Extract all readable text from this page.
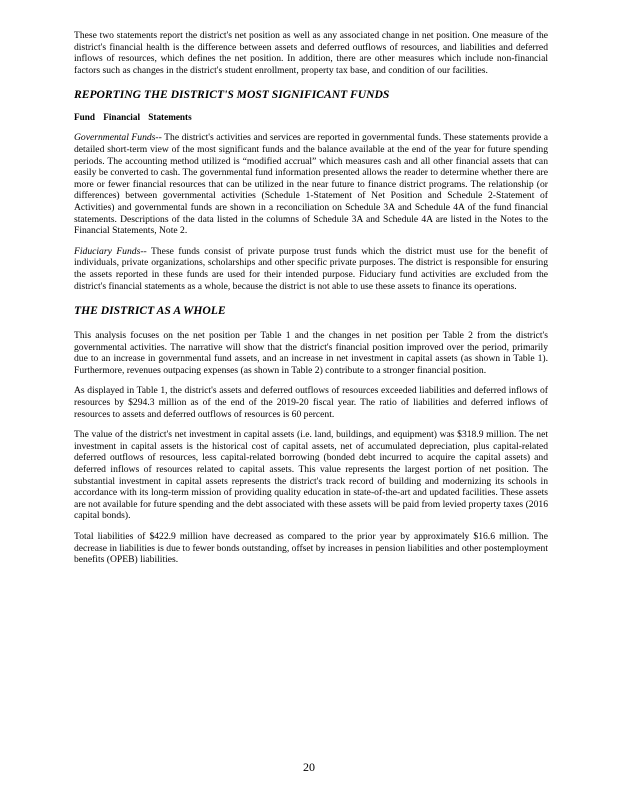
These two statements report the district's net position as well as any associated change in net position. One measure of the district's financial health is the difference between assets and deferred outflows of resources, and liabilities and deferred inflows of resources, which defines the net position. In addition, there are other measures which include non-financial factors such as changes in the district's student enrollment, property tax base, and condition of our facilities.

REPORTING THE DISTRICT'S MOST SIGNIFICANT FUNDS
Fund Financial Statements

Governmental Funds-- The district's activities and services are reported in governmental funds. These statements provide a detailed short-term view of the most significant funds and the balance available at the end of the year for future spending periods. The accounting method utilized is “modified accrual” which measures cash and all other financial assets that can easily be converted to cash. The governmental fund information presented allows the reader to determine whether there are more or fewer financial resources that can be utilized in the near future to finance district programs. The relationship (or differences) between governmental activities (Schedule 1-Statement of Net Position and Schedule 2-Statement of Activities) and governmental funds are shown in a reconciliation on Schedule 3A and Schedule 4A of the fund financial statements. Descriptions of the data listed in the columns of Schedule 3A and Schedule 4A are listed in the Notes to the Financial Statements, Note 2.

Fiduciary Funds-- These funds consist of private purpose trust funds which the district must use for the benefit of individuals, private organizations, scholarships and other specific private purposes. The district is responsible for ensuring the assets reported in these funds are used for their intended purpose. Fiduciary fund activities are excluded from the district's financial statements as a whole, because the district is not able to use these assets to finance its operations.

THE DISTRICT AS A WHOLE

This analysis focuses on the net position per Table 1 and the changes in net position per Table 2 from the district's governmental activities. The narrative will show that the district's financial position improved over the period, primarily due to an increase in governmental fund assets, and an increase in net investment in capital assets (as shown in Table 1). Furthermore, revenues outpacing expenses (as shown in Table 2) contribute to a stronger financial position.

As displayed in Table 1, the district's assets and deferred outflows of resources exceeded liabilities and deferred inflows of resources by $294.3 million as of the end of the 2019-20 fiscal year. The ratio of liabilities and deferred inflows of resources to assets and deferred outflows of resources is 60 percent.

The value of the district's net investment in capital assets (i.e. land, buildings, and equipment) was $318.9 million. The net investment in capital assets is the historical cost of capital assets, net of accumulated depreciation, plus capital-related deferred outflows of resources, less capital-related borrowing (bonded debt incurred to acquire the capital assets) and deferred inflows of resources related to capital assets. This value represents the largest portion of net position. The substantial investment in capital assets represents the district's track record of building and modernizing its schools in accordance with its long-term mission of providing quality education in state-of-the-art and updated facilities. These assets are not available for future spending and the debt associated with these assets will be paid from levied property taxes (2016 capital bonds).

Total liabilities of $422.9 million have decreased as compared to the prior year by approximately $16.6 million. The decrease in liabilities is due to fewer bonds outstanding, offset by increases in pension liabilities and other postemployment benefits (OPEB) liabilities.

20
